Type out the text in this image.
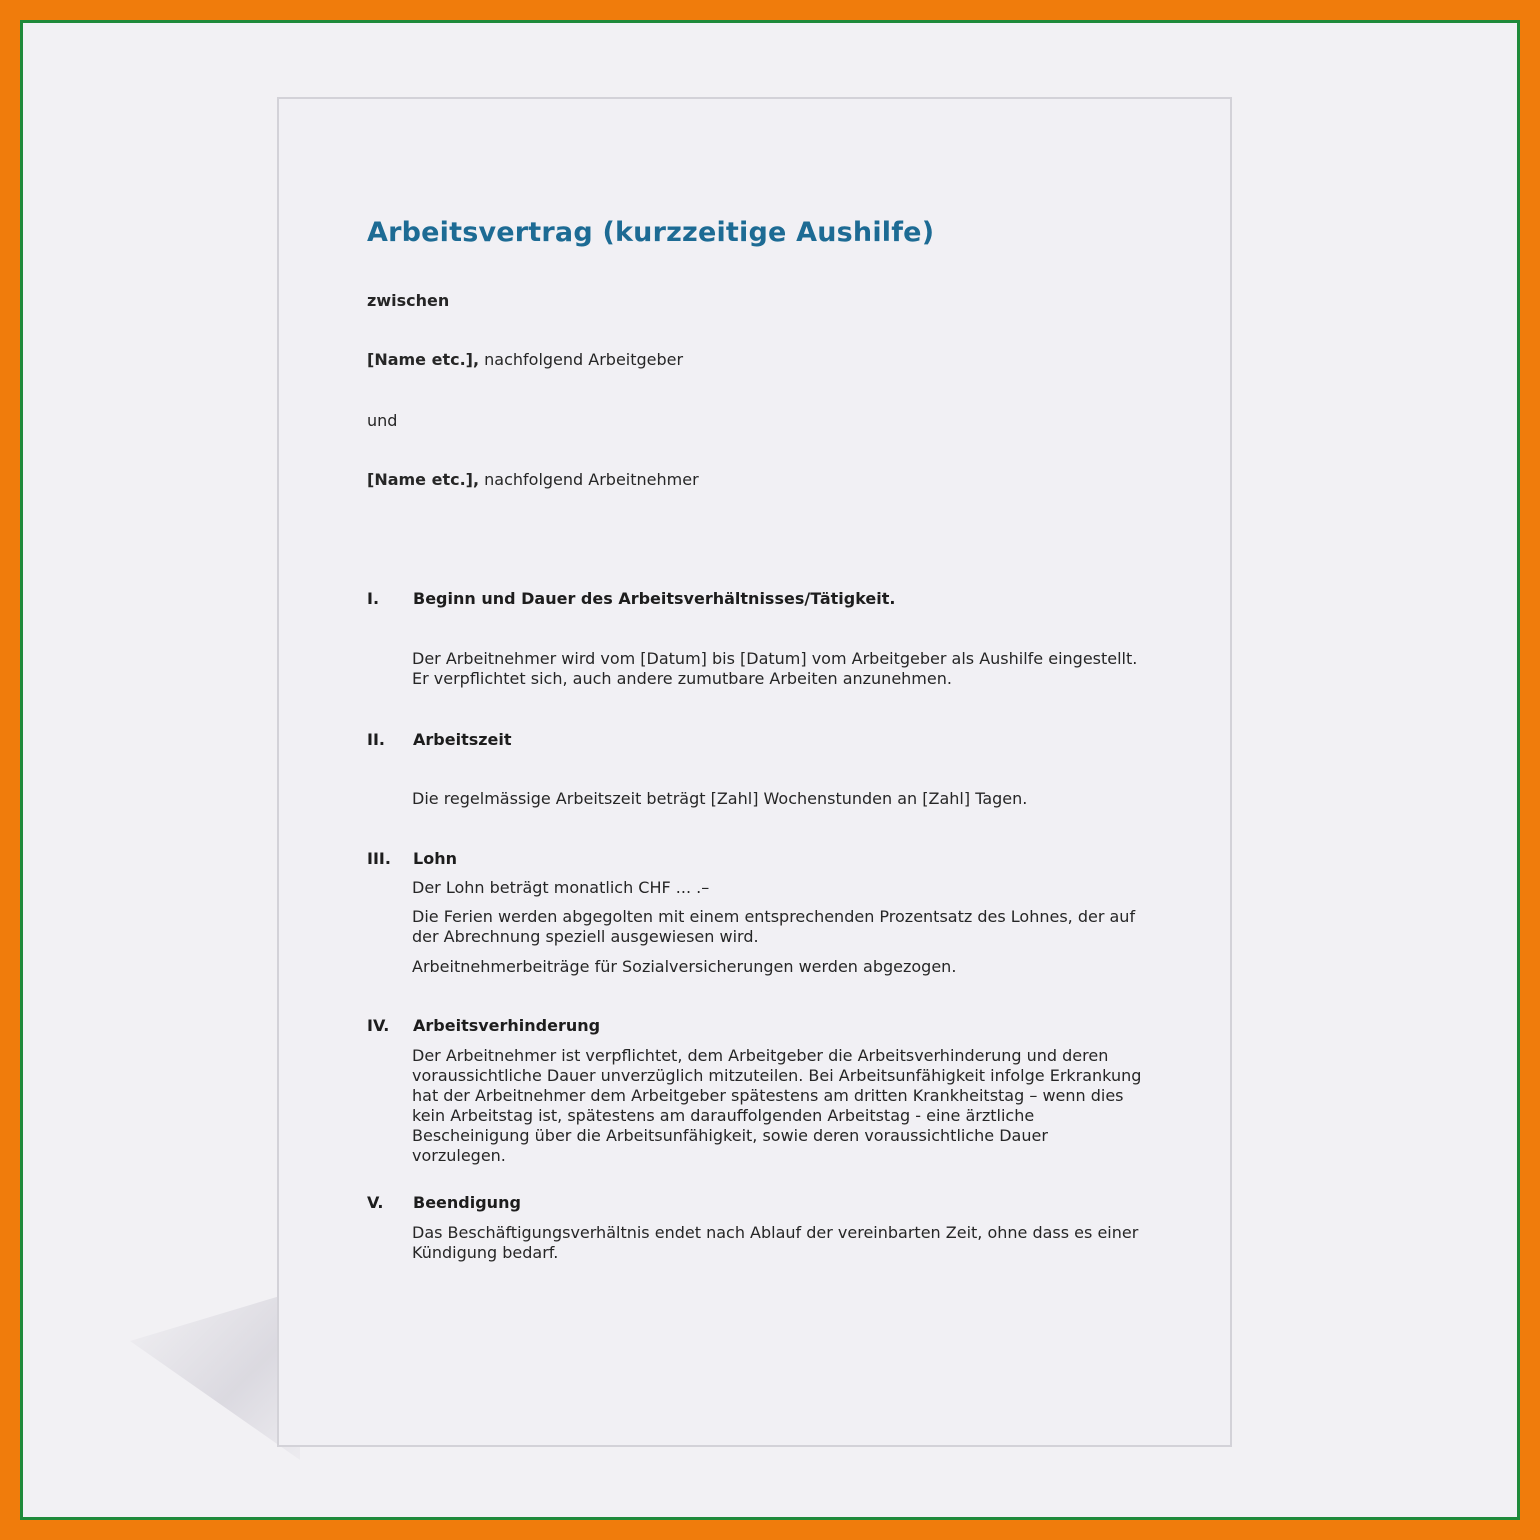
Arbeitsvertrag (kurzzeitige Aushilfe)
zwischen
[Name etc.], nachfolgend Arbeitgeber
und
[Name etc.], nachfolgend Arbeitnehmer
I. Beginn und Dauer des Arbeitsverhältnisses/Tätigkeit.

Der Arbeitnehmer wird vom [Datum] bis [Datum] vom Arbeitgeber als Aushilfe eingestellt. Er verpflichtet sich, auch andere zumutbare Arbeiten anzunehmen.

II. Arbeitszeit

Die regelmässige Arbeitszeit beträgt [Zahl] Wochenstunden an [Zahl] Tagen.

III. Lohn

Der Lohn beträgt monatlich CHF ... .–

Die Ferien werden abgegolten mit einem entsprechenden Prozentsatz des Lohnes, der auf der Abrechnung speziell ausgewiesen wird.

Arbeitnehmerbeiträge für Sozialversicherungen werden abgezogen.

IV. Arbeitsverhinderung

Der Arbeitnehmer ist verpflichtet, dem Arbeitgeber die Arbeitsverhinderung und deren voraussichtliche Dauer unverzüglich mitzuteilen. Bei Arbeitsunfähigkeit infolge Erkrankung hat der Arbeitnehmer dem Arbeitgeber spätestens am dritten Krankheitstag – wenn dies kein Arbeitstag ist, spätestens am darauffolgenden Arbeitstag - eine ärztliche Bescheinigung über die Arbeitsunfähigkeit, sowie deren voraussichtliche Dauer vorzulegen.

V. Beendigung

Das Beschäftigungsverhältnis endet nach Ablauf der vereinbarten Zeit, ohne dass es einer Kündigung bedarf.
